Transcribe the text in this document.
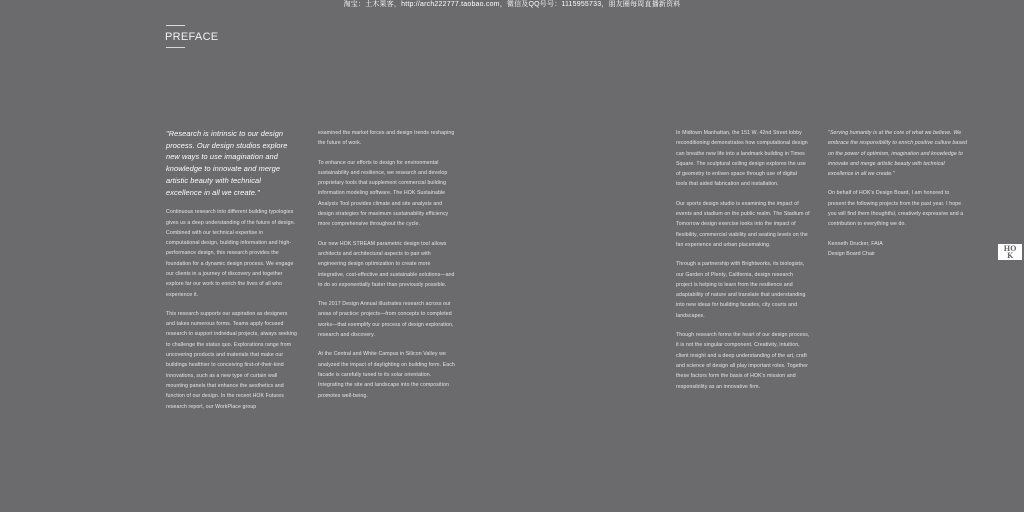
淘宝：土木果客，http://arch222777.taobao.com，微信及QQ号号：1115955733，朋友圈每周直播新资料
PREFACE

"Research is intrinsic to our design process. Our design studios explore new ways to use imagination and knowledge to innovate and merge artistic beauty with technical excellence in all we create."

Continuous research into different building typologies gives us a deep understanding of the future of design. Combined with our technical expertise in computational design, building information and high-performance design, this research provides the foundation for a dynamic design process. We engage our clients in a journey of discovery and together explore far our work to enrich the lives of all who experience it.

This research supports our aspiration as designers and takes numerous forms. Teams apply focused research to support individual projects, always seeking to challenge the status quo. Explorations range from uncovering products and materials that make our buildings healthier to conceiving first-of-their-kind innovations, such as a new type of curtain wall mounting panels that enhance the aesthetics and function of our design. In the recent HOK Futures research report, our WorkPlace group

examined the market forces and design trends reshaping the future of work.

To enhance our efforts to design for environmental sustainability and resilience, we research and develop proprietary tools that supplement commercial building information modeling software. The HOK Sustainable Analysis Tool provides climate and site analysis and design strategies for maximum sustainability efficiency more comprehensive throughout the cycle.

Our new HOK STREAM parametric design tool allows architects and architectural aspects to pair with engineering design optimization to create more integrative, cost-effective and sustainable solutions—and to do so exponentially faster than previously possible.

The 2017 Design Annual illustrates research across our areas of practice: projects—from concepts to completed works—that exemplify our process of design exploration, research and discovery.

At the Central and White Campus in Silicon Valley we analyzed the impact of daylighting on building form. Each facade is carefully tuned to its solar orientation. Integrating the site and landscape into the composition promotes well-being.

In Midtown Manhattan, the 151 W. 42nd Street lobby reconditioning demonstrates how computational design can breathe new life into a landmark building in Times Square. The sculptural ceiling design explores the use of geometry to enliven space through use of digital tools that aided fabrication and installation.

Our sports design studio is examining the impact of events and stadium on the public realm. The Stadium of Tomorrow design exercise looks into the impact of flexibility, commercial viability and seating levels on the fan experience and urban placemaking.

Through a partnership with Brightworks, its biologists, our Garden of Plenty, California, design research project is helping to learn from the resilience and adaptability of nature and translate that understanding into new ideas for building facades, city courts and landscapes.

Though research forms the heart of our design process, it is not the singular component. Creativity, intuition, client insight and a deep understanding of the art, craft and science of design all play important roles. Together these factors form the basis of HOK's mission and responsibility as an innovative firm.

"Serving humanity is at the core of what we believe. We embrace the responsibility to enrich positive culture based on the power of optimism, imagination and knowledge to innovate and merge artistic beauty with technical excellence in all we create."

On behalf of HOK's Design Board, I am honored to present the following projects from the past year. I hope you will find them thoughtful, creatively expressive and a contribution to everything we do.

Kenneth Drucker, FAIA
Design Board Chair

HO
K
